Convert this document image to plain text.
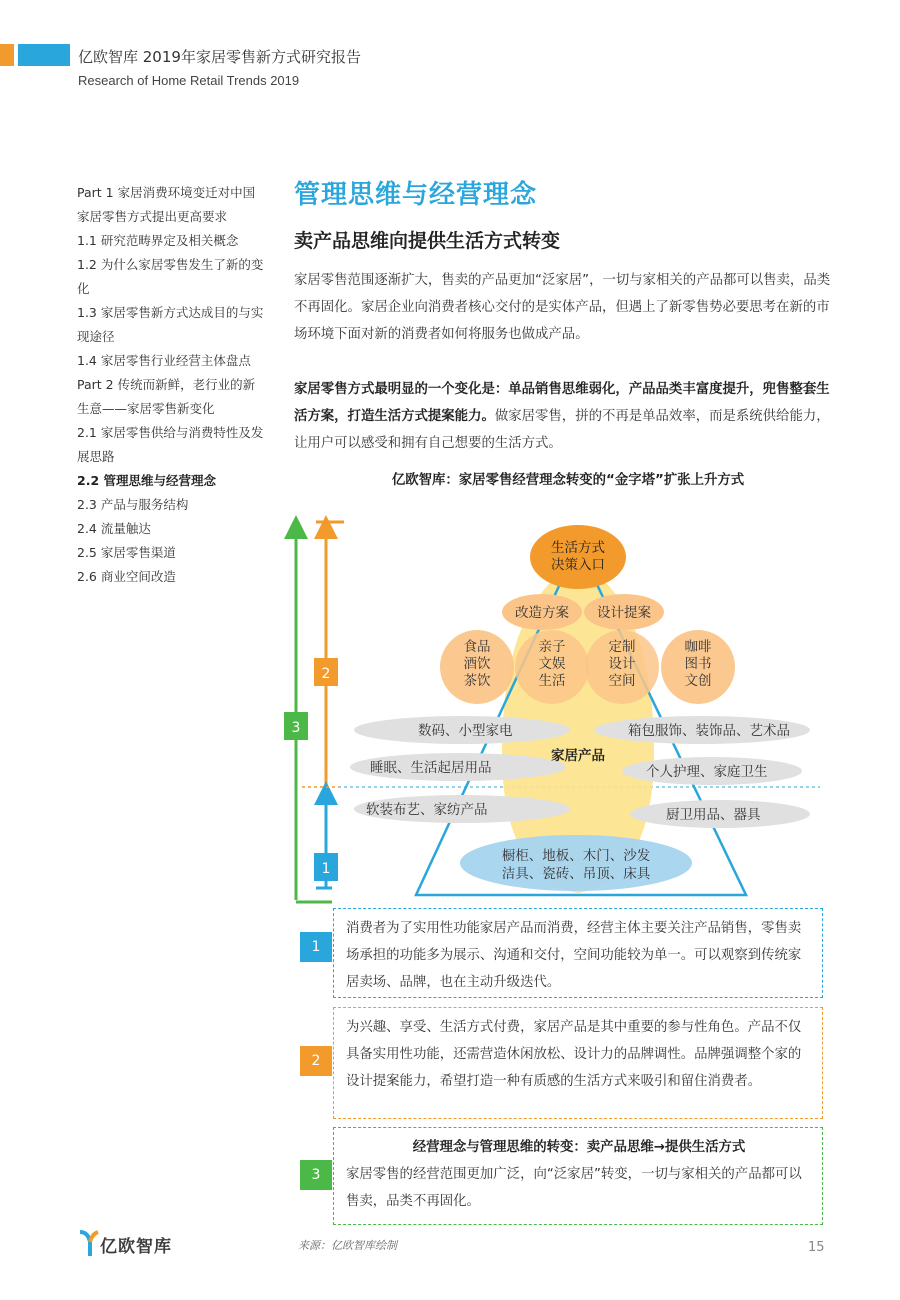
亿欧智库 2019年家居零售新方式研究报告
Research of Home Retail Trends 2019
Part 1 家居消费环境变迁对中国家居零售方式提出更高要求
1.1 研究范畴界定及相关概念
1.2 为什么家居零售发生了新的变化
1.3 家居零售新方式达成目的与实现途径
1.4 家居零售行业经营主体盘点
Part 2 传统而新鲜，老行业的新生意——家居零售新变化
2.1 家居零售供给与消费特性及发展思路
2.2 管理思维与经营理念
2.3 产品与服务结构
2.4 流量触达
2.5 家居零售渠道
2.6 商业空间改造
管理思维与经营理念
卖产品思维向提供生活方式转变
家居零售范围逐渐扩大，售卖的产品更加“泛家居”，一切与家相关的产品都可以售卖，品类不再固化。家居企业向消费者核心交付的是实体产品，但遇上了新零售势必要思考在新的市场环境下面对新的消费者如何将服务也做成产品。
家居零售方式最明显的一个变化是：单品销售思维弱化，产品品类丰富度提升，兜售整套生活方案，打造生活方式提案能力。做家居零售，拼的不再是单品效率，而是系统供给能力，让用户可以感受和拥有自己想要的生活方式。
亿欧智库：家居零售经营理念转变的“金字塔”扩张上升方式
3
2
1
数码、小型家电
睡眠、生活起居用品
软装布艺、家纺产品
箱包服饰、装饰品、艺术品
个人护理、家庭卫生
厨卫用品、器具
家居产品
橱柜、地板、木门、沙发洁具、瓷砖、吊顶、床具
食品酒饮茶饮
亲子文娱生活
定制设计空间
咖啡图书文创
改造方案 设计提案
生活方式决策入口
1
消费者为了实用性功能家居产品而消费，经营主体主要关注产品销售，零售卖场承担的功能多为展示、沟通和交付，空间功能较为单一。可以观察到传统家居卖场、品牌，也在主动升级迭代。
2
为兴趣、享受、生活方式付费，家居产品是其中重要的参与性角色。产品不仅具备实用性功能，还需营造休闲放松、设计力的品牌调性。品牌强调整个家的设计提案能力，希望打造一种有质感的生活方式来吸引和留住消费者。
3
经营理念与管理思维的转变：卖产品思维→提供生活方式
家居零售的经营范围更加广泛，向“泛家居”转变，一切与家相关的产品都可以售卖，品类不再固化。
亿欧智库	来源：亿欧智库绘制	15
